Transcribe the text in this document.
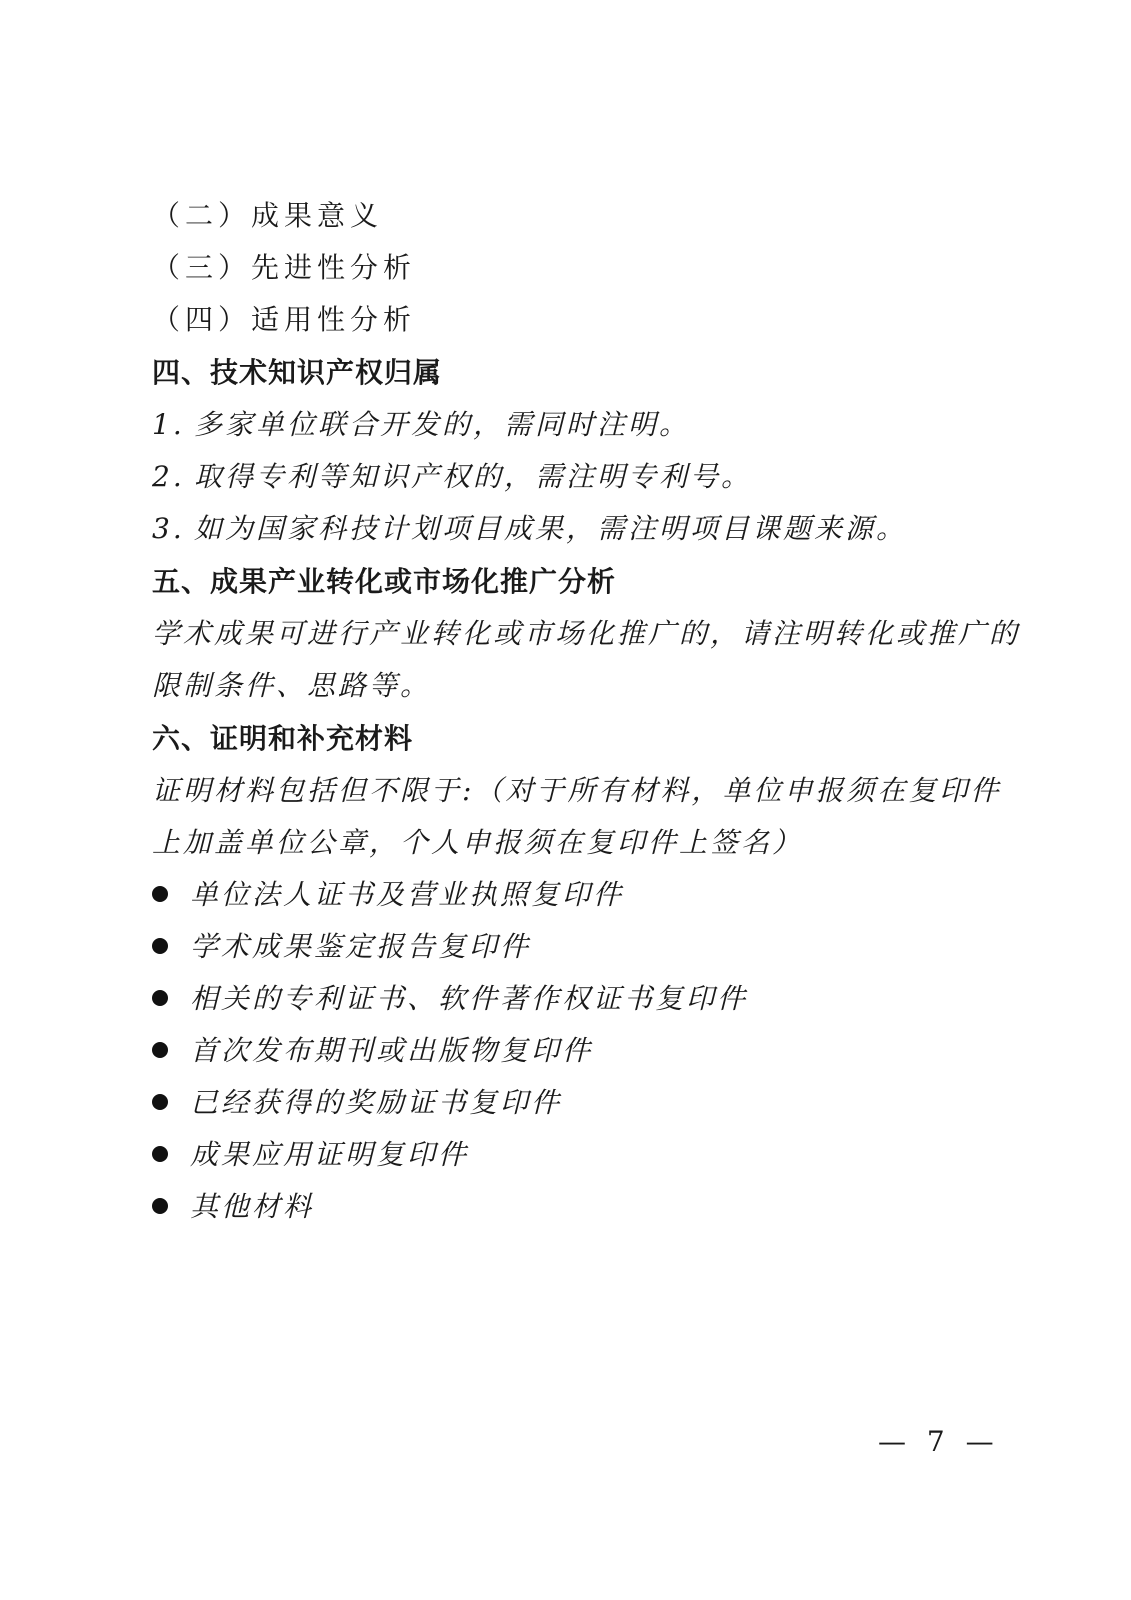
（二）成果意义
（三）先进性分析
（四）适用性分析
四、技术知识产权归属
1. 多家单位联合开发的，需同时注明。
2. 取得专利等知识产权的，需注明专利号。
3. 如为国家科技计划项目成果，需注明项目课题来源。
五、成果产业转化或市场化推广分析
学术成果可进行产业转化或市场化推广的，请注明转化或推广的
限制条件、思路等。
六、证明和补充材料
证明材料包括但不限于:（对于所有材料，单位申报须在复印件
上加盖单位公章，个人申报须在复印件上签名）
单位法人证书及营业执照复印件
学术成果鉴定报告复印件
相关的专利证书、软件著作权证书复印件
首次发布期刊或出版物复印件
已经获得的奖励证书复印件
成果应用证明复印件
其他材料
— 7 —
